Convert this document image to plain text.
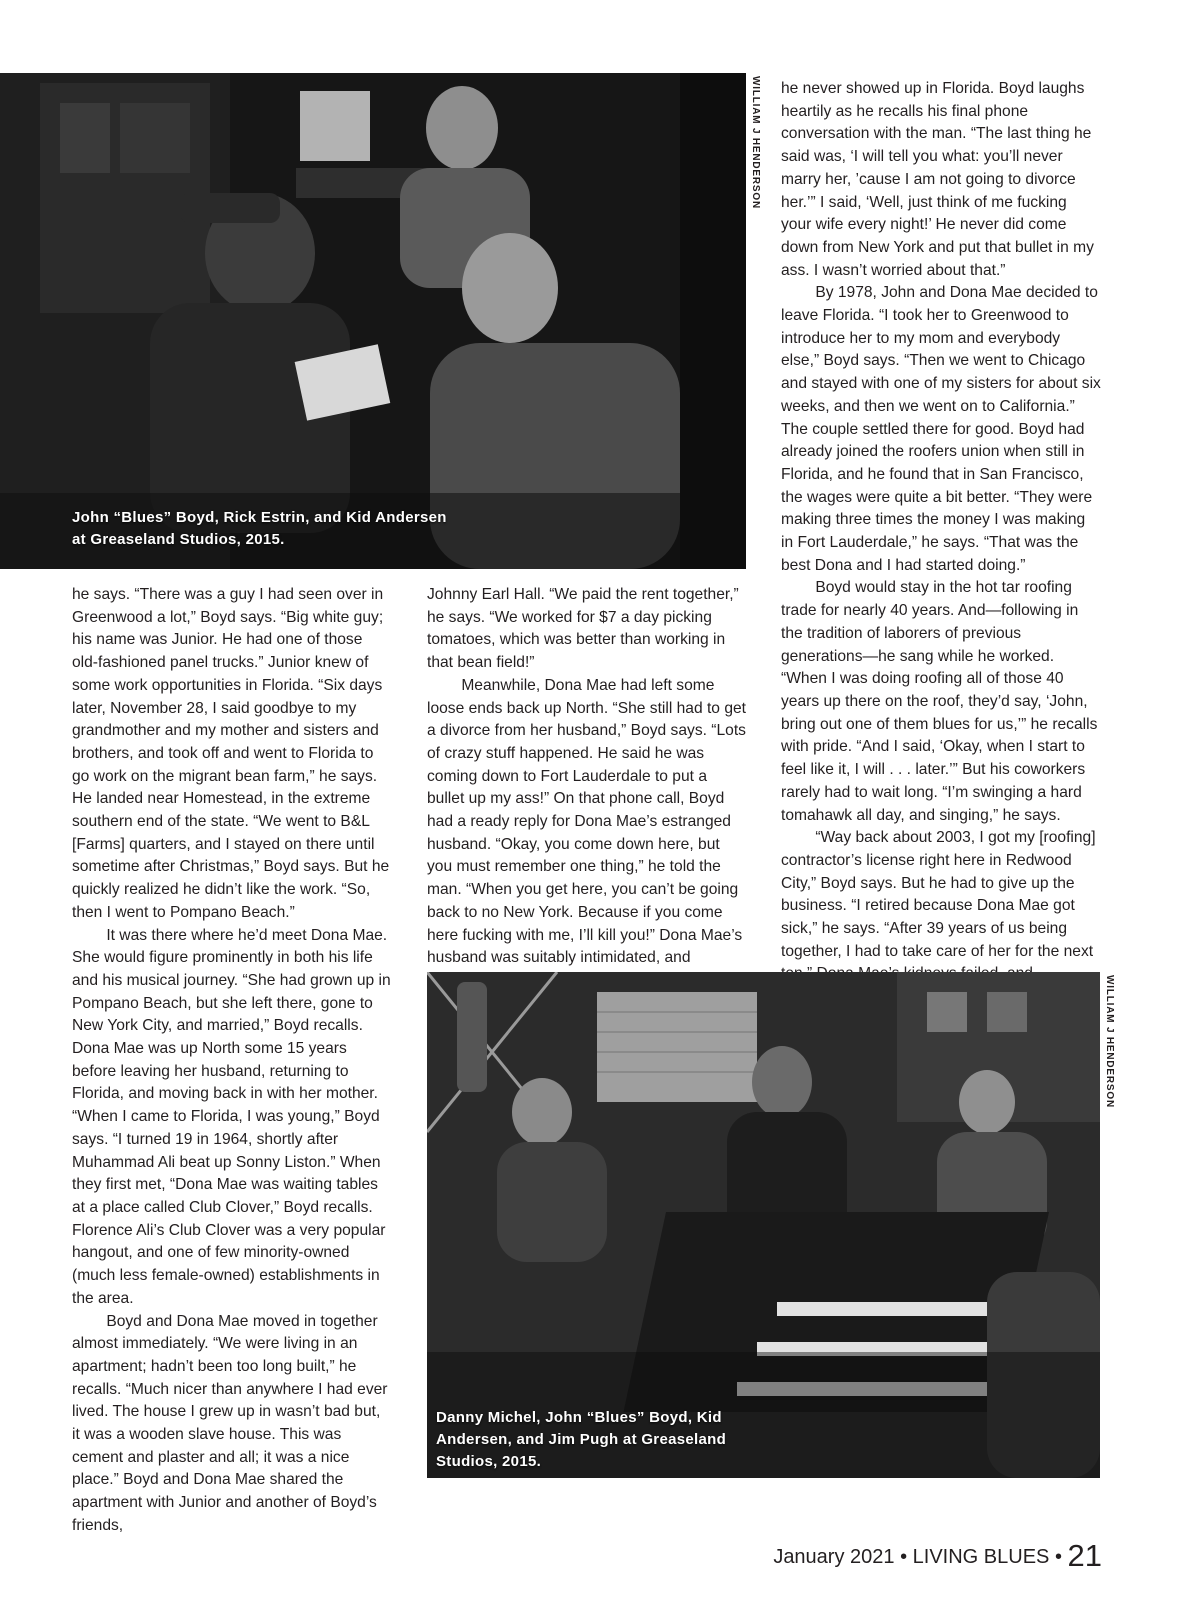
John “Blues” Boyd, Rick Estrin, and Kid Andersen
at Greaseland Studios, 2015.
WILLIAM J HENDERSON

he says. “There was a guy I had seen over in Greenwood a lot,” Boyd says. “Big white guy; his name was Junior. He had one of those old-fashioned panel trucks.” Junior knew of some work opportunities in Florida. “Six days later, November 28, I said goodbye to my grandmother and my mother and sisters and brothers, and took off and went to Florida to go work on the migrant bean farm,” he says. He landed near Homestead, in the extreme southern end of the state. “We went to B&L [Farms] quarters, and I stayed on there until sometime after Christmas,” Boyd says. But he quickly realized he didn’t like the work. “So, then I went to Pompano Beach.”

It was there where he’d meet Dona Mae. She would figure prominently in both his life and his musical journey. “She had grown up in Pompano Beach, but she left there, gone to New York City, and married,” Boyd recalls. Dona Mae was up North some 15 years before leaving her husband, returning to Florida, and moving back in with her mother. “When I came to Florida, I was young,” Boyd says. “I turned 19 in 1964, shortly after Muhammad Ali beat up Sonny Liston.” When they first met, “Dona Mae was waiting tables at a place called Club Clover,” Boyd recalls. Florence Ali’s Club Clover was a very popular hangout, and one of few minority-owned (much less female-owned) establishments in the area.

Boyd and Dona Mae moved in together almost immediately. “We were living in an apartment; hadn’t been too long built,” he recalls. “Much nicer than anywhere I had ever lived. The house I grew up in wasn’t bad but, it was a wooden slave house. This was cement and plaster and all; it was a nice place.” Boyd and Dona Mae shared the apartment with Junior and another of Boyd’s friends,

Johnny Earl Hall. “We paid the rent together,” he says. “We worked for $7 a day picking tomatoes, which was better than working in that bean field!”

Meanwhile, Dona Mae had left some loose ends back up North. “She still had to get a divorce from her husband,” Boyd says. “Lots of crazy stuff happened. He said he was coming down to Fort Lauderdale to put a bullet up my ass!” On that phone call, Boyd had a ready reply for Dona Mae’s estranged husband. “Okay, you come down here, but you must remember one thing,” he told the man. “When you get here, you can’t be going back to no New York. Because if you come here fucking with me, I’ll kill you!” Dona Mae’s husband was suitably intimidated, and

he never showed up in Florida. Boyd laughs heartily as he recalls his final phone conversation with the man. “The last thing he said was, ‘I will tell you what: you’ll never marry her, ’cause I am not going to divorce her.’” I said, ‘Well, just think of me fucking your wife every night!’ He never did come down from New York and put that bullet in my ass. I wasn’t worried about that.”

By 1978, John and Dona Mae decided to leave Florida. “I took her to Greenwood to introduce her to my mom and everybody else,” Boyd says. “Then we went to Chicago and stayed with one of my sisters for about six weeks, and then we went on to California.” The couple settled there for good. Boyd had already joined the roofers union when still in Florida, and he found that in San Francisco, the wages were quite a bit better. “They were making three times the money I was making in Fort Lauderdale,” he says. “That was the best Dona and I had started doing.”

Boyd would stay in the hot tar roofing trade for nearly 40 years. And—following in the tradition of laborers of previous generations—he sang while he worked. “When I was doing roofing all of those 40 years up there on the roof, they’d say, ‘John, bring out one of them blues for us,’” he recalls with pride. “And I said, ‘Okay, when I start to feel like it, I will . . . later.’” But his coworkers rarely had to wait long. “I’m swinging a hard tomahawk all day, and singing,” he says.

“Way back about 2003, I got my [roofing] contractor’s license right here in Redwood City,” Boyd says. But he had to give up the business. “I retired because Dona Mae got sick,” he says. “After 39 years of us being together, I had to take care of her for the next

Danny Michel, John “Blues” Boyd, Kid
Andersen, and Jim Pugh at Greaseland
Studios, 2015.
WILLIAM J HENDERSON
January 2021 • LIVING BLUES • 21
